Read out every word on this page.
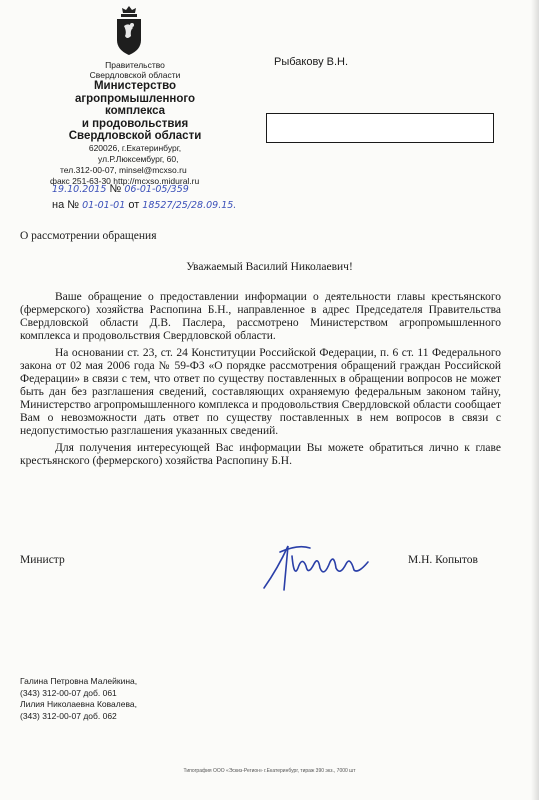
Правительство
Свердловской области
Министерство
агропромышленного
комплекса
и продовольствия
Свердловской области
620026, г.Екатеринбург,
ул.Р.Люксембург, 60,
тел.312-00-07, minsel@mcxso.ru
факс 251-63-30 http://mcxso.midural.ru
19.10.2015 № 06-01-05/359
на № 01-01-01 от 18527/25/28.09.15.
Рыбакову В.Н.
О рассмотрении обращения
Уважаемый Василий Николаевич!

Ваше обращение о предоставлении информации о деятельности главы крестьянского (фермерского) хозяйства Распопина Б.Н., направленное в адрес Председателя Правительства Свердловской области Д.В. Паслера, рассмотрено Министерством агропромышленного комплекса и продовольствия Свердловской области.

На основании ст. 23, ст. 24 Конституции Российской Федерации, п. 6 ст. 11 Федерального закона от 02 мая 2006 года № 59-ФЗ «О порядке рассмотрения обращений граждан Российской Федерации» в связи с тем, что ответ по существу поставленных в обращении вопросов не может быть дан без разглашения сведений, составляющих охраняемую федеральным законом тайну, Министерство агропромышленного комплекса и продовольствия Свердловской области сообщает Вам о невозможности дать ответ по существу поставленных в нем вопросов в связи с недопустимостью разглашения указанных сведений.

Для получения интересующей Вас информации Вы можете обратиться лично к главе крестьянского (фермерского) хозяйства Распопину Б.Н.

Министр	М.Н. Копытов
Галина Петровна Малейкина,
(343) 312-00-07 доб. 061
Лилия Николаевна Ковалева,
(343) 312-00-07 доб. 062
Типография ООО «Эскиз-Регион» г.Екатеринбург, тираж 390 экз., 7000 шт
